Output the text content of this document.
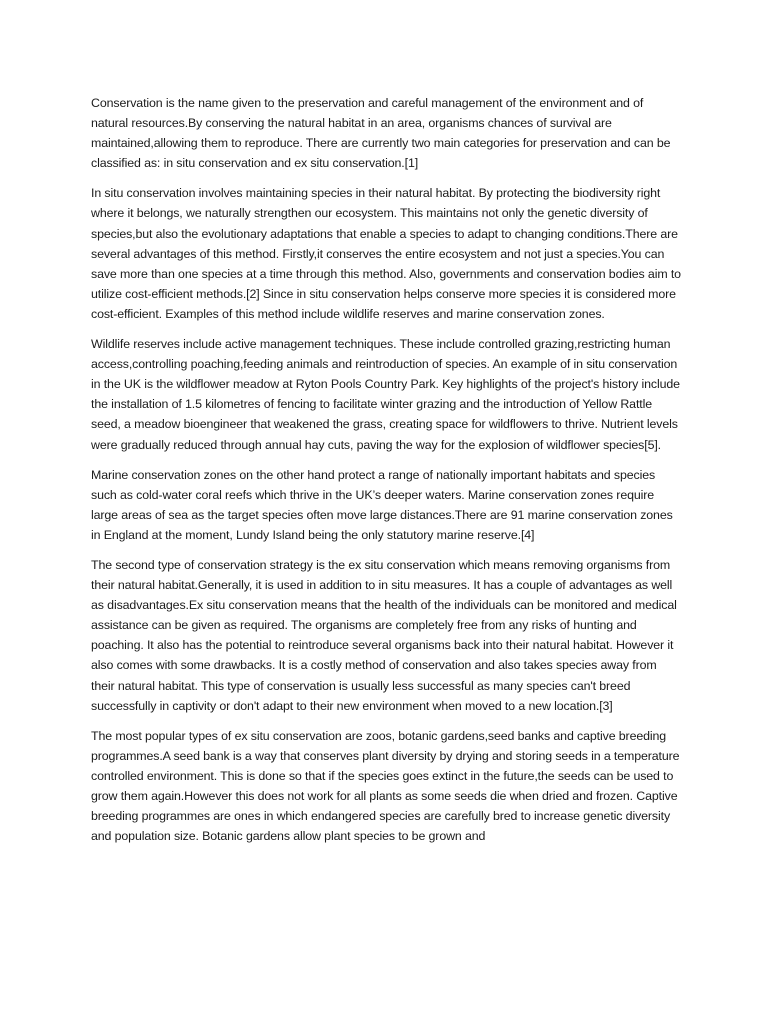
Conservation is the name given to the preservation and careful management of the environment and of natural resources.By conserving the natural habitat in an area, organisms chances of survival are maintained,allowing them to reproduce. There are currently two main categories for preservation and can be classified as: in situ conservation and ex situ conservation.[1]

In situ conservation involves maintaining species in their natural habitat. By protecting the biodiversity right where it belongs, we naturally strengthen our ecosystem. This maintains not only the genetic diversity of species,but also the evolutionary adaptations that enable a species to adapt to changing conditions.There are several advantages of this method. Firstly,it conserves the entire ecosystem and not just a species.You can save more than one species at a time through this method. Also, governments and conservation bodies aim to utilize cost-efficient methods.[2] Since in situ conservation helps conserve more species it is considered more cost-efficient. Examples of this method include wildlife reserves and marine conservation zones.

Wildlife reserves include active management techniques. These include controlled grazing,restricting human access,controlling poaching,feeding animals and reintroduction of species. An example of in situ conservation in the UK is the wildflower meadow at Ryton Pools Country Park. Key highlights of the project's history include the installation of 1.5 kilometres of fencing to facilitate winter grazing and the introduction of Yellow Rattle seed, a meadow bioengineer that weakened the grass, creating space for wildflowers to thrive. Nutrient levels were gradually reduced through annual hay cuts, paving the way for the explosion of wildflower species[5].

Marine conservation zones on the other hand protect a range of nationally important habitats and species such as cold-water coral reefs which thrive in the UK’s deeper waters. Marine conservation zones require large areas of sea as the target species often move large distances.There are 91 marine conservation zones in England at the moment, Lundy Island being the only statutory marine reserve.[4]

The second type of conservation strategy is the ex situ conservation which means removing organisms from their natural habitat.Generally, it is used in addition to in situ measures. It has a couple of advantages as well as disadvantages.Ex situ conservation means that the health of the individuals can be monitored and medical assistance can be given as required. The organisms are completely free from any risks of hunting and poaching. It also has the potential to reintroduce several organisms back into their natural habitat. However it also comes with some drawbacks. It is a costly method of conservation and also takes species away from their natural habitat. This type of conservation is usually less successful as many species can't breed successfully in captivity or don't adapt to their new environment when moved to a new location.[3]

The most popular types of ex situ conservation are zoos, botanic gardens,seed banks and captive breeding programmes.A seed bank is a way that conserves plant diversity by drying and storing seeds in a temperature controlled environment. This is done so that if the species goes extinct in the future,the seeds can be used to grow them again.However this does not work for all plants as some seeds die when dried and frozen. Captive breeding programmes are ones in which endangered species are carefully bred to increase genetic diversity and population size. Botanic gardens allow plant species to be grown and
